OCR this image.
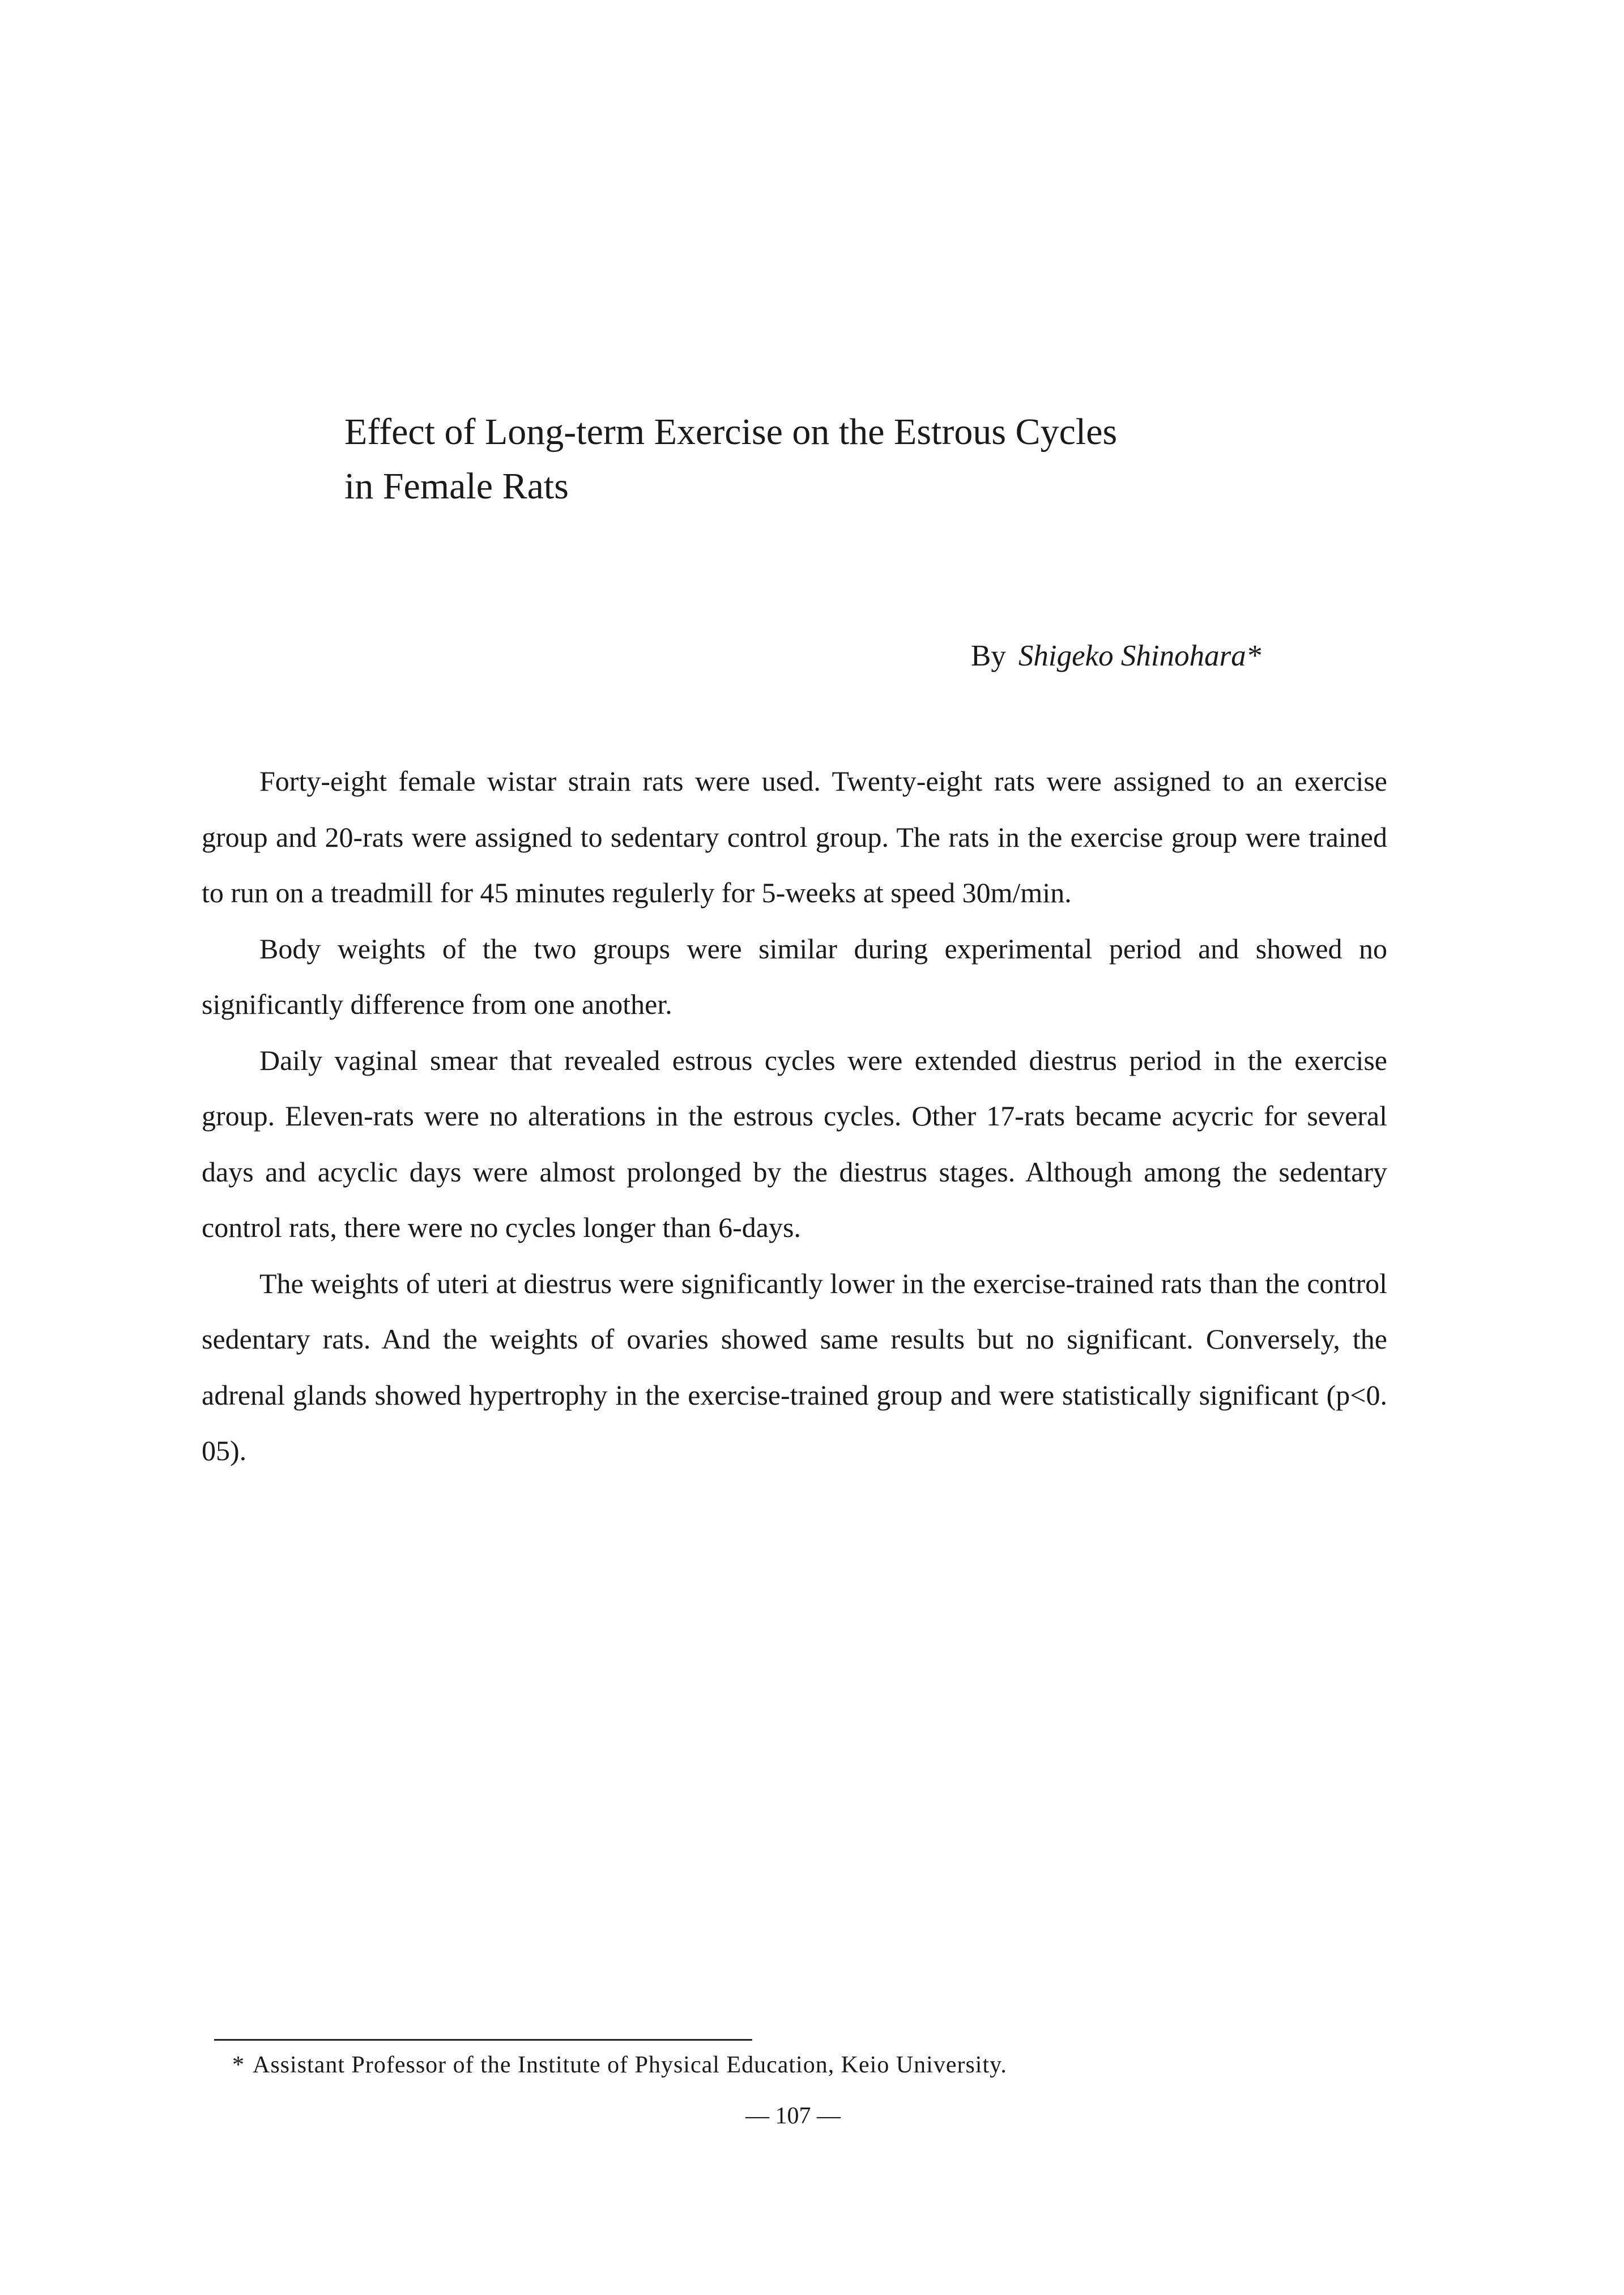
Effect of Long-term Exercise on the Estrous Cycles
in Female Rats
By Shigeko Shinohara*

Forty-eight female wistar strain rats were used. Twenty-eight rats were assigned to an exercise group and 20-rats were assigned to sedentary control group. The rats in the exercise group were trained to run on a treadmill for 45 minutes regulerly for 5-weeks at speed 30m/min.

Body weights of the two groups were similar during experimental period and showed no significantly difference from one another.

Daily vaginal smear that revealed estrous cycles were extended diestrus period in the exercise group. Eleven-rats were no alterations in the estrous cycles. Other 17-rats became acycric for several days and acyclic days were almost prolonged by the diestrus stages. Although among the sedentary control rats, there were no cycles longer than 6-days.

The weights of uteri at diestrus were significantly lower in the exercise-trained rats than the control sedentary rats. And the weights of ovaries showed same results but no significant. Conversely, the adrenal glands showed hypertrophy in the exercise-trained group and were statistically significant (p<0. 05).

* Assistant Professor of the Institute of Physical Education, Keio University.
— 107 —
